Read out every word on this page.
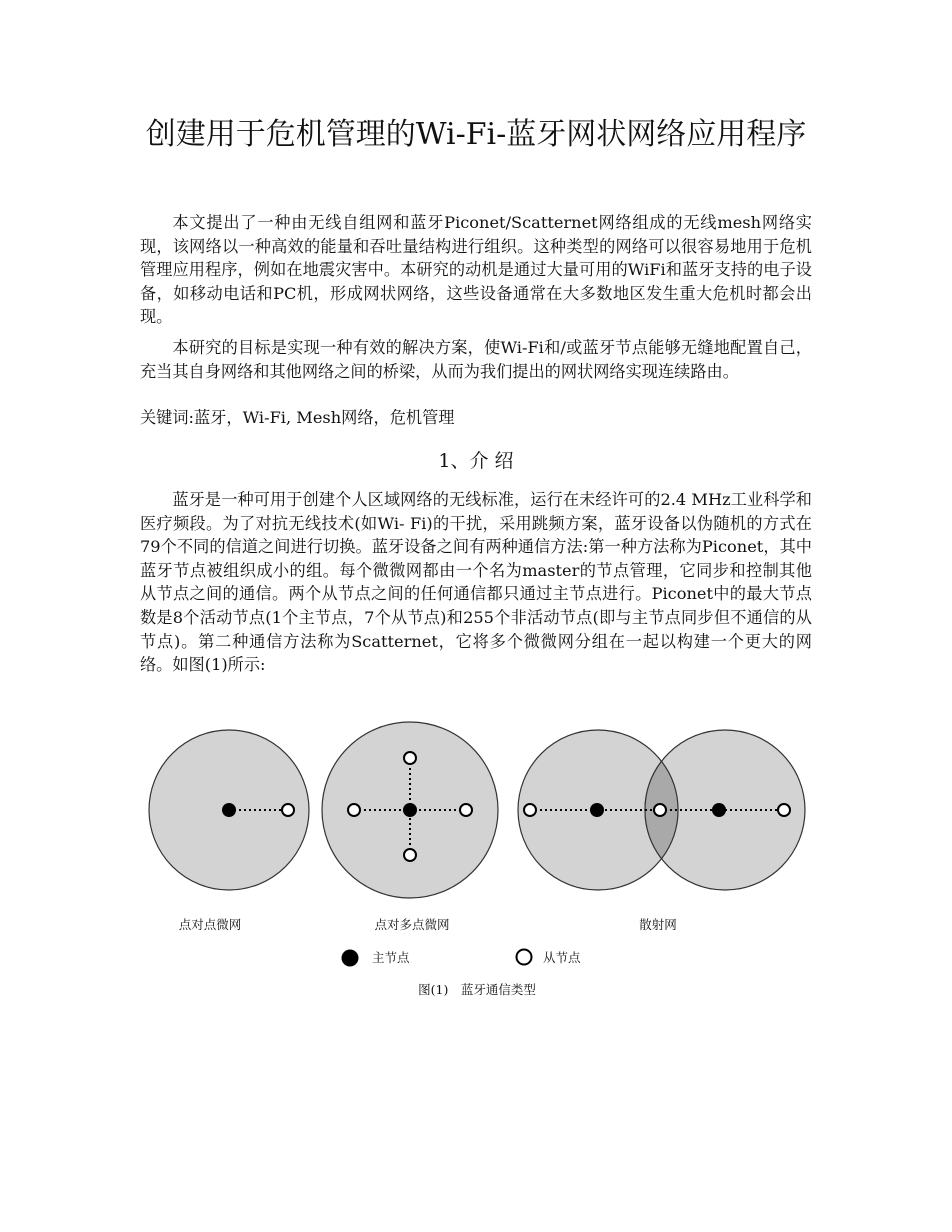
创建用于危机管理的Wi-Fi-蓝牙网状网络应用程序

本文提出了一种由无线自组网和蓝牙Piconet/Scatternet网络组成的无线mesh网络实现，该网络以一种高效的能量和吞吐量结构进行组织。这种类型的网络可以很容易地用于危机管理应用程序，例如在地震灾害中。本研究的动机是通过大量可用的WiFi和蓝牙支持的电子设备，如移动电话和PC机，形成网状网络，这些设备通常在大多数地区发生重大危机时都会出现。

本研究的目标是实现一种有效的解决方案，使Wi-Fi和/或蓝牙节点能够无缝地配置自己，充当其自身网络和其他网络之间的桥梁，从而为我们提出的网状网络实现连续路由。

关键词:蓝牙，Wi-Fi, Mesh网络，危机管理

1、介 绍

蓝牙是一种可用于创建个人区域网络的无线标准，运行在未经许可的2.4 MHz工业科学和医疗频段。为了对抗无线技术(如Wi- Fi)的干扰，采用跳频方案，蓝牙设备以伪随机的方式在79个不同的信道之间进行切换。蓝牙设备之间有两种通信方法:第一种方法称为Piconet，其中蓝牙节点被组织成小的组。每个微微网都由一个名为master的节点管理，它同步和控制其他从节点之间的通信。两个从节点之间的任何通信都只通过主节点进行。Piconet中的最大节点数是8个活动节点(1个主节点，7个从节点)和255个非活动节点(即与主节点同步但不通信的从节点)。第二种通信方法称为Scatternet，它将多个微微网分组在一起以构建一个更大的网络。如图(1)所示:

点对点微网	点对多点微网	散射网
主节点	从节点
图(1)　蓝牙通信类型
